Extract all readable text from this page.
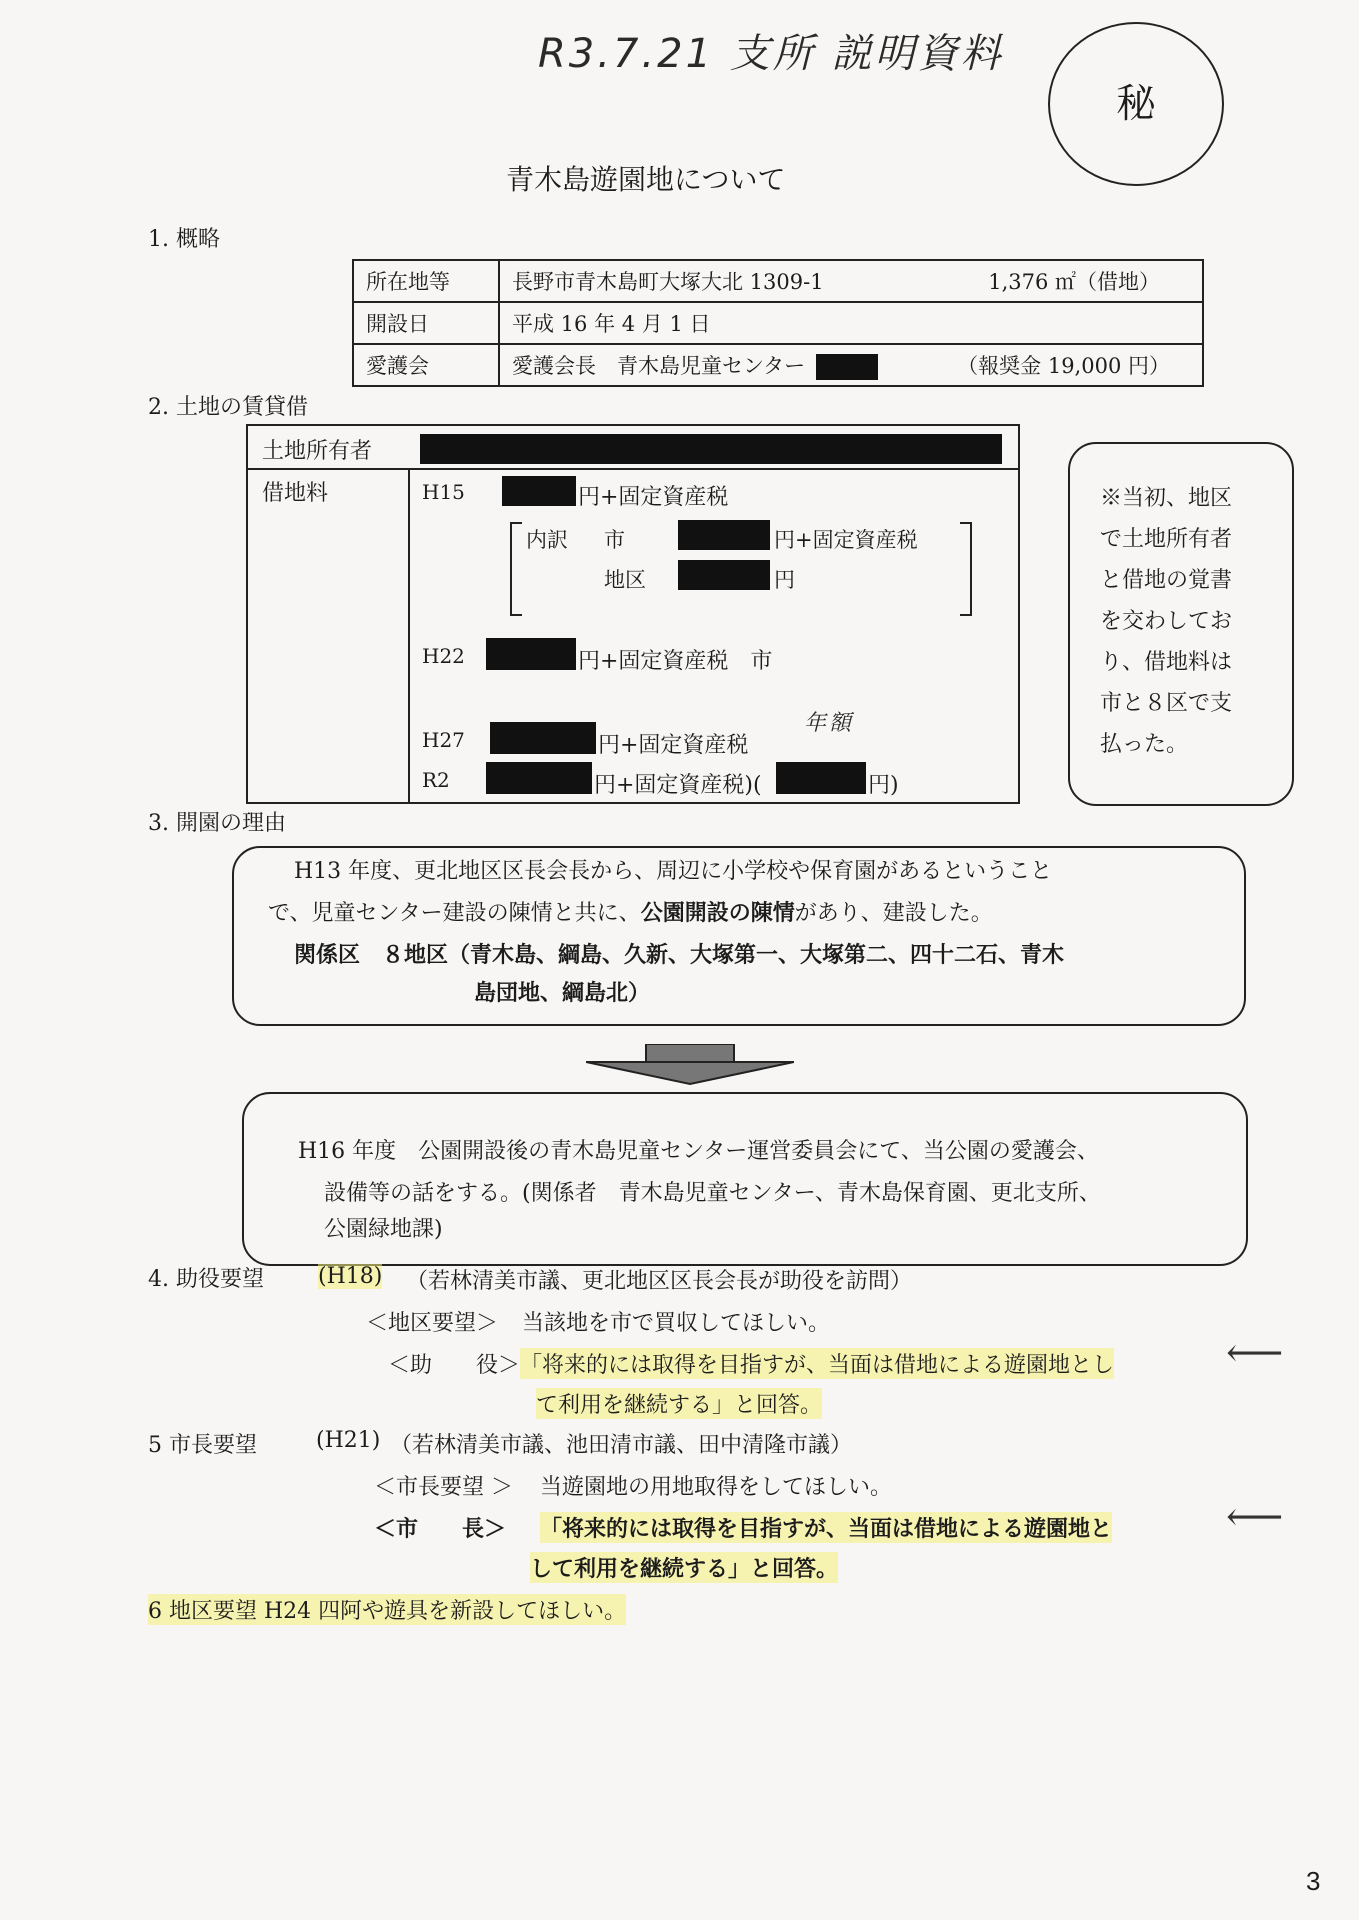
R3.7.21 支所 説明資料
秘
青木島遊園地について
1. 概略
所在地等	長野市青木島町大塚大北 1309-1 1,376 ㎡（借地）

開設日	平成 16 年 4 月 1 日
愛護会	愛護会長　青木島児童センター （報奨金 19,000 円）
2. 土地の賃貸借
土地所有者
借地料	H15	円+固定資産税
内訳 市	円+固定資産税
地区	円
H22	円+固定資産税　市
H27	円+固定資産税
年額
R2	円+固定資産税)(	円)
※当初、地区
で土地所有者
と借地の覚書
を交わしてお
り、借地料は
市と８区で支
払った。
3. 開園の理由
H13 年度、更北地区区長会長から、周辺に小学校や保育園があるということ
で、児童センター建設の陳情と共に、公園開設の陳情があり、建設した。
関係区　８地区（青木島、綱島、久新、大塚第一、大塚第二、四十二石、青木
島団地、綱島北）
H16 年度　公園開設後の青木島児童センター運営委員会にて、当公園の愛護会、
設備等の話をする。(関係者　青木島児童センター、青木島保育園、更北支所、
公園緑地課)
4. 助役要望 (H18) （若林清美市議、更北地区区長会長が助役を訪問）
＜地区要望＞ 当該地を市で買収してほしい。
＜助　　役＞ 「将来的には取得を目指すが、当面は借地による遊園地とし
て利用を継続する」と回答。
⟵
5 市長要望	(H21) （若林清美市議、池田清市議、田中清隆市議）
＜市長要望 ＞ 当遊園地の用地取得をしてほしい。
＜市　　長＞ 「将来的には取得を目指すが、当面は借地による遊園地と
して利用を継続する」と回答。
⟵
6 地区要望 H24 四阿や遊具を新設してほしい。
3
